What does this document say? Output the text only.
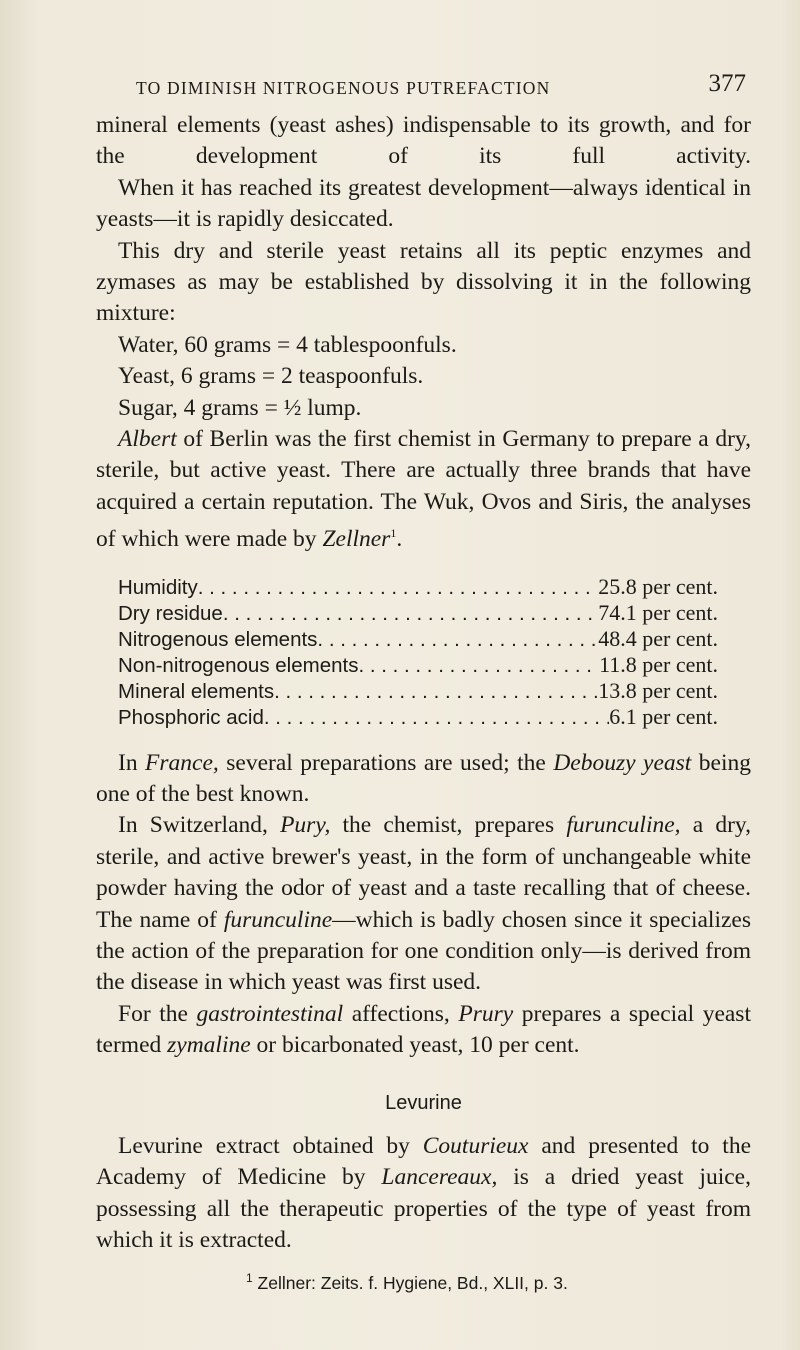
TO DIMINISH NITROGENOUS PUTREFACTION	377

mineral elements (yeast ashes) indispensable to its growth, and for the development of its full activity.

When it has reached its greatest development—always identical in yeasts—it is rapidly desiccated.

This dry and sterile yeast retains all its peptic enzymes and zymases as may be established by dissolving it in the following mixture:

Water, 60 grams = 4 tablespoonfuls.

Yeast, 6 grams = 2 teaspoonfuls.

Sugar, 4 grams = ½ lump.

Albert of Berlin was the first chemist in Germany to prepare a dry, sterile, but active yeast. There are actually three brands that have acquired a certain reputation. The Wuk, Ovos and Siris, the analyses of which were made by Zellner$^1$.

Humidity . . .	25.8 per cent.
Dry residue . . .	74.1 per cent.
Nitrogenous elements . . .	48.4 per cent.
Non-nitrogenous elements . . .	11.8 per cent.
Mineral elements . . .	13.8 per cent.
Phosphoric acid . . .	6.1 per cent.

In France, several preparations are used; the Debouzy yeast being one of the best known.

In Switzerland, Pury, the chemist, prepares furunculine, a dry, sterile, and active brewer's yeast, in the form of unchangeable white powder having the odor of yeast and a taste recalling that of cheese. The name of furunculine—which is badly chosen since it specializes the action of the preparation for one condition only—is derived from the disease in which yeast was first used.

For the gastrointestinal affections, Prury prepares a special yeast termed zymaline or bicarbonated yeast, 10 per cent.

Levurine

Levurine extract obtained by Couturieux and presented to the Academy of Medicine by Lancereaux, is a dried yeast juice, possessing all the therapeutic properties of the type of yeast from which it is extracted.

$^1$ Zellner: Zeits. f. Hygiene, Bd., XLII, p. 3.
